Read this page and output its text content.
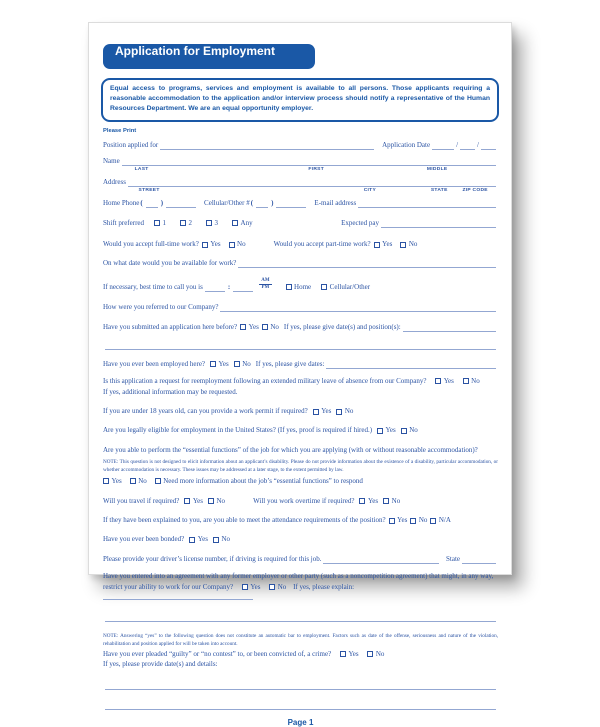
Application for Employment
Equal access to programs, services and employment is available to all persons. Those applicants requiring a reasonable accommodation to the application and/or interview process should notify a representative of the Human Resources Department. We are an equal opportunity employer.
Please Print
Position applied for	Application Date	/	/
Name
LAST	FIRST	MIDDLE
Address
STREET	CITY	STATE	ZIP CODE
Home Phone (	)	Cellular/Other # (	)	E-mail address
Shift preferred	1	2	3	Any	Expected pay
Would you accept full-time work? Yes No	Would you accept part-time work? Yes No
On what date would you be available for work?
If necessary, best time to call you is	:
AM
PM	Home	Cellular/Other
How were you referred to our Company?
Have you submitted an application here before? Yes No If yes, please give date(s) and position(s):
Have you ever been employed here? Yes No If yes, please give dates:
Is this application a request for reemployment following an extended military leave of absence from our Company? Yes No
If yes, additional information may be requested.
If you are under 18 years old, can you provide a work permit if required? Yes No
Are you legally eligible for employment in the United States? (If yes, proof is required if hired.) Yes No
Are you able to perform the “essential functions” of the job for which you are applying (with or without reasonable accommodation)?
NOTE: This question is not designed to elicit information about an applicant’s disability. Please do not provide information about the existence of a disability, particular accommodation, or whether accommodation is necessary. These issues may be addressed at a later stage, to the extent permitted by law.
Yes No Need more information about the job’s “essential functions” to respond
Will you travel if required? Yes No	Will you work overtime if required? Yes No
If they have been explained to you, are you able to meet the attendance requirements of the position? Yes No N/A
Have you ever been bonded? Yes No
Please provide your driver’s license number, if driving is required for this job.	State
Have you entered into an agreement with any former employer or other party (such as a noncompetition agreement) that might, in any way, restrict your ability to work for our Company? Yes No If yes, please explain:
NOTE: Answering “yes” to the following question does not constitute an automatic bar to employment. Factors such as date of the offense, seriousness and nature of the violation, rehabilitation and position applied for will be taken into account.
Have you ever pleaded “guilty” or “no contest” to, or been convicted of, a crime? Yes No
If yes, please provide date(s) and details:
Page 1
